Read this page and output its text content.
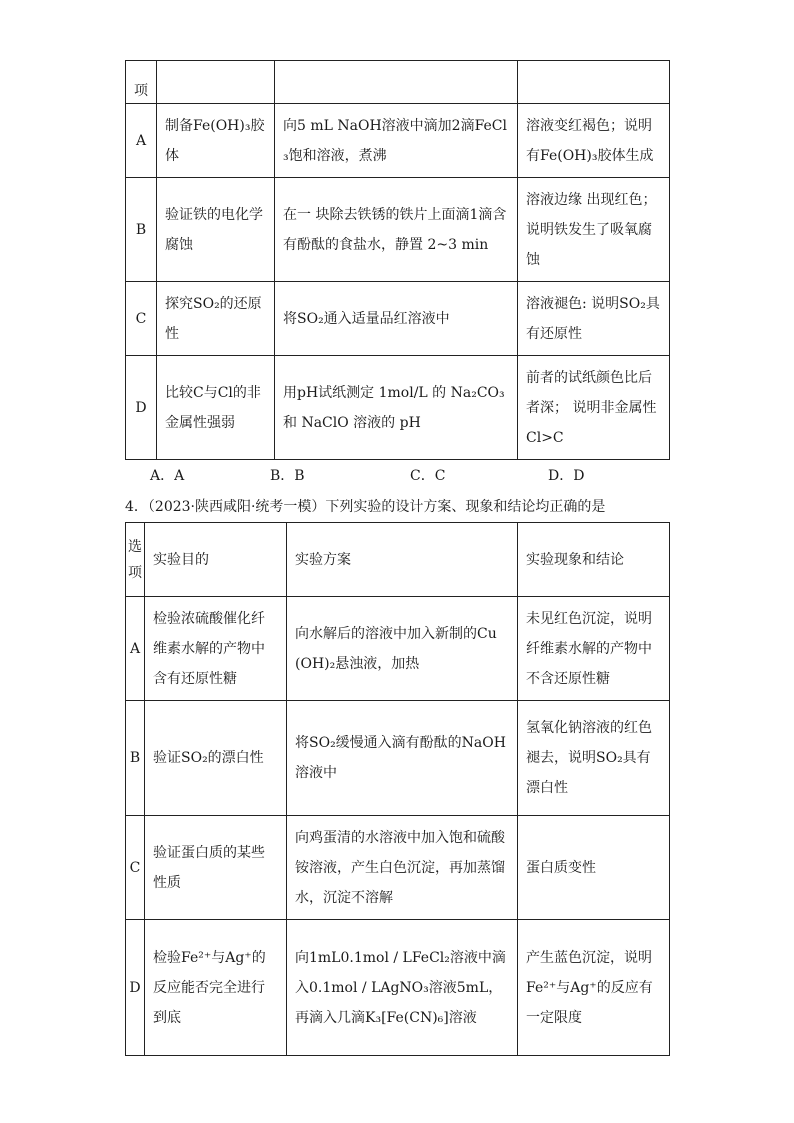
项			
A	制备Fe(OH)₃胶体	向5 mL NaOH溶液中滴加2滴FeCl₃饱和溶液，煮沸	溶液变红褐色；说明有Fe(OH)₃胶体生成
B	验证铁的电化学腐蚀	在一 块除去铁锈的铁片上面滴1滴含有酚酞的食盐水，静置 2~3 min	溶液边缘 出现红色；说明铁发生了吸氧腐蚀
C	探究SO₂的还原性	将SO₂通入适量品红溶液中	溶液褪色: 说明SO₂具有还原性
D	比较C与Cl的非金属性强弱	用pH试纸测定 1mol/L 的 Na₂CO₃和 NaClO 溶液的 pH	前者的试纸颜色比后者深； 说明非金属性Cl>C
A．A	B．B	C．C	D．D
4．（2023·陕西咸阳·统考一模）下列实验的设计方案、现象和结论均正确的是
选项	实验目的	实验方案	实验现象和结论
A	检验浓硫酸催化纤维素水解的产物中含有还原性糖	向水解后的溶液中加入新制的Cu(OH)₂悬浊液，加热	未见红色沉淀，说明纤维素水解的产物中不含还原性糖
B	验证SO₂的漂白性	将SO₂缓慢通入滴有酚酞的NaOH溶液中	氢氧化钠溶液的红色褪去，说明SO₂具有漂白性
C	验证蛋白质的某些性质	向鸡蛋清的水溶液中加入饱和硫酸铵溶液，产生白色沉淀，再加蒸馏水，沉淀不溶解	蛋白质变性
D	检验Fe²⁺与Ag⁺的反应能否完全进行到底	向1mL0.1mol / LFeCl₂溶液中滴入0.1mol / LAgNO₃溶液5mL，再滴入几滴K₃[Fe(CN)₆]溶液	产生蓝色沉淀，说明Fe²⁺与Ag⁺的反应有一定限度
